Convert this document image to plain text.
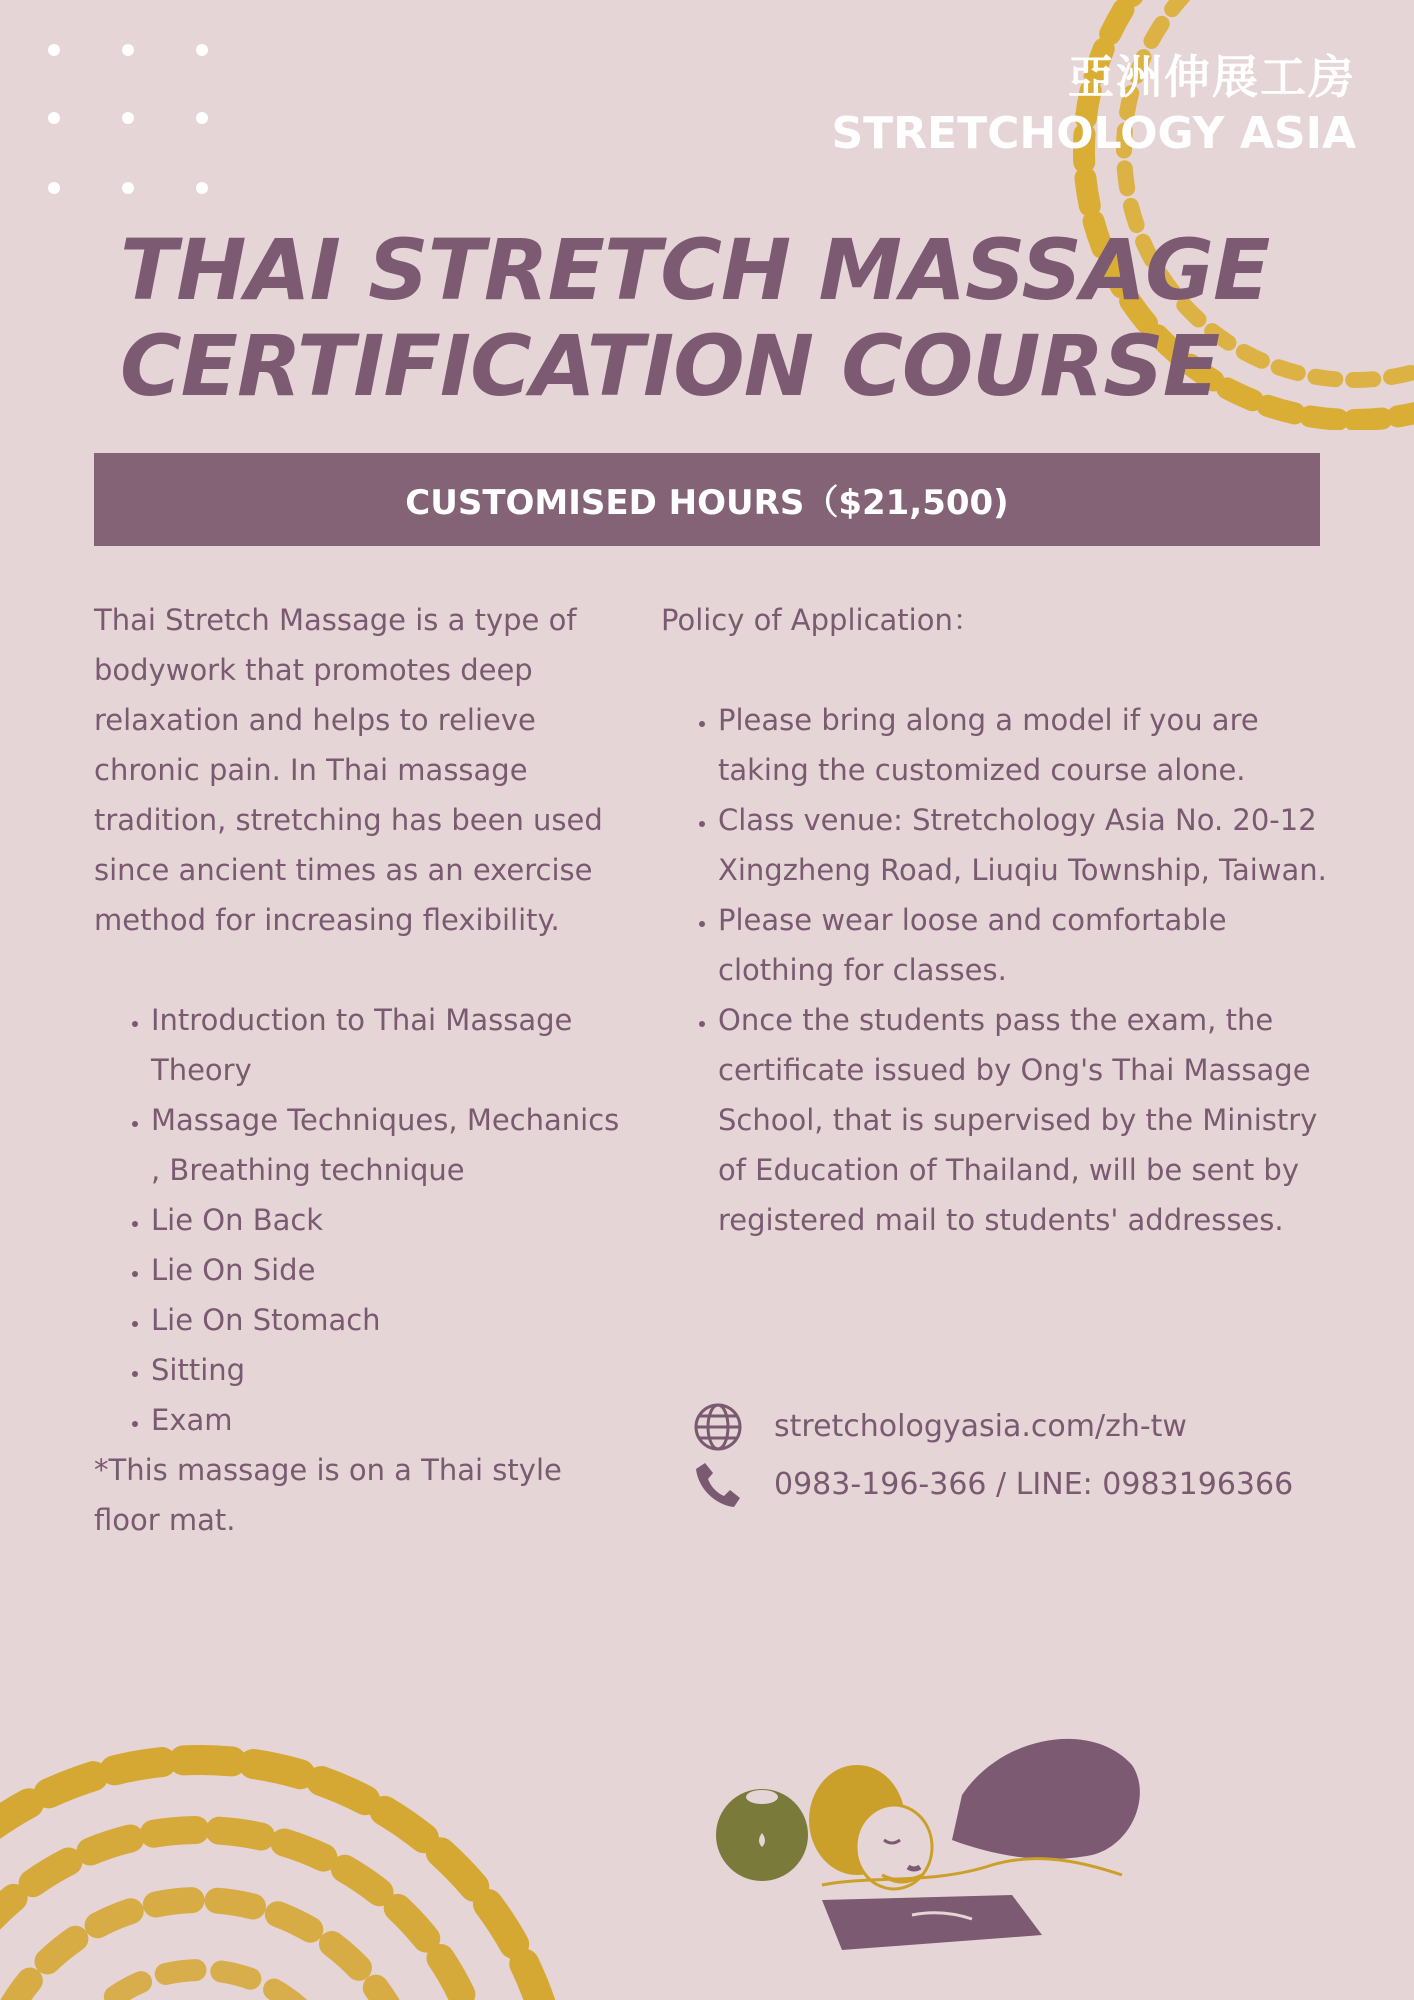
亞洲伸展工房
STRETCHOLOGY ASIA
THAI STRETCH MASSAGE
CERTIFICATION COURSE
CUSTOMISED HOURS（$21,500)

Thai Stretch Massage is a type of bodywork that promotes deep relaxation and helps to relieve chronic pain. In Thai massage tradition, stretching has been used since ancient times as an exercise method for increasing flexibility.

• Introduction to Thai Massage Theory
• Massage Techniques, Mechanics , Breathing technique
• Lie On Back
• Lie On Side
• Lie On Stomach
• Sitting
• Exam

*This massage is on a Thai style floor mat.

Policy of Application：

• Please bring along a model if you are taking the customized course alone.
• Class venue: Stretchology Asia No. 20-12 Xingzheng Road, Liuqiu Township, Taiwan.
• Please wear loose and comfortable clothing for classes.
• Once the students pass the exam, the certificate issued by Ong's Thai Massage School, that is supervised by the Ministry of Education of Thailand, will be sent by registered mail to students' addresses.
stretchologyasia.com/zh-tw
0983-196-366 / LINE: 0983196366
